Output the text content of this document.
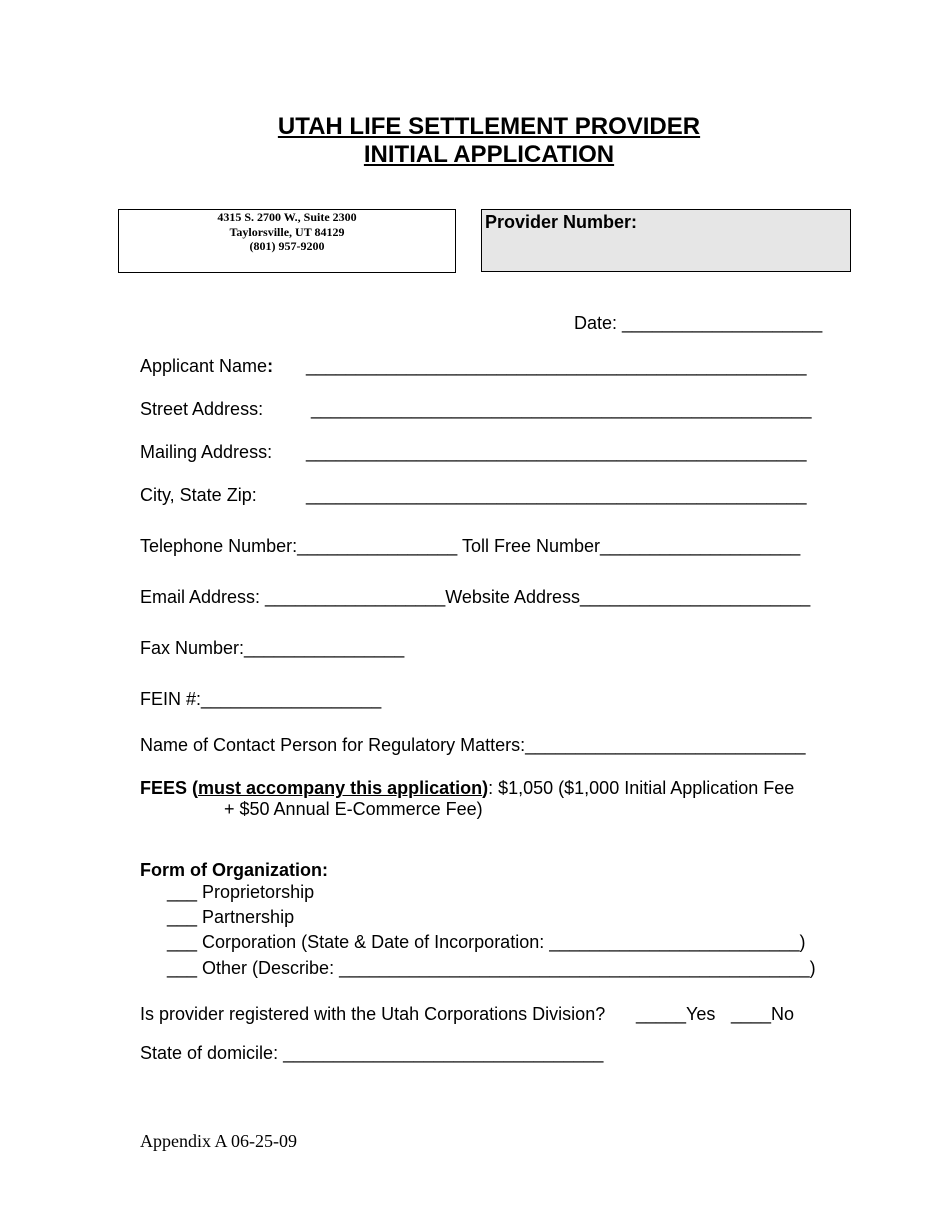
UTAH LIFE SETTLEMENT PROVIDER
INITIAL APPLICATION
4315 S. 2700 W., Suite 2300
Taylorsville, UT 84129
(801) 957-9200
Provider Number:
Date: ____________________
Applicant Name: __________________________________________________
Street Address:	__________________________________________________
Mailing Address: __________________________________________________
City, State Zip:	__________________________________________________
Telephone Number:________________ Toll Free Number____________________
Email Address: __________________Website Address_______________________
Fax Number:________________
FEIN #:__________________
Name of Contact Person for Regulatory Matters:____________________________
FEES (must accompany this application): $1,050 ($1,000 Initial Application Fee
+ $50 Annual E-Commerce Fee)
Form of Organization:
___ Proprietorship
___ Partnership
___ Corporation (State & Date of Incorporation: _________________________)
___ Other (Describe: _______________________________________________)
Is provider registered with the Utah Corporations Division? _____Yes ____No
State of domicile: ________________________________
Appendix A 06-25-09
